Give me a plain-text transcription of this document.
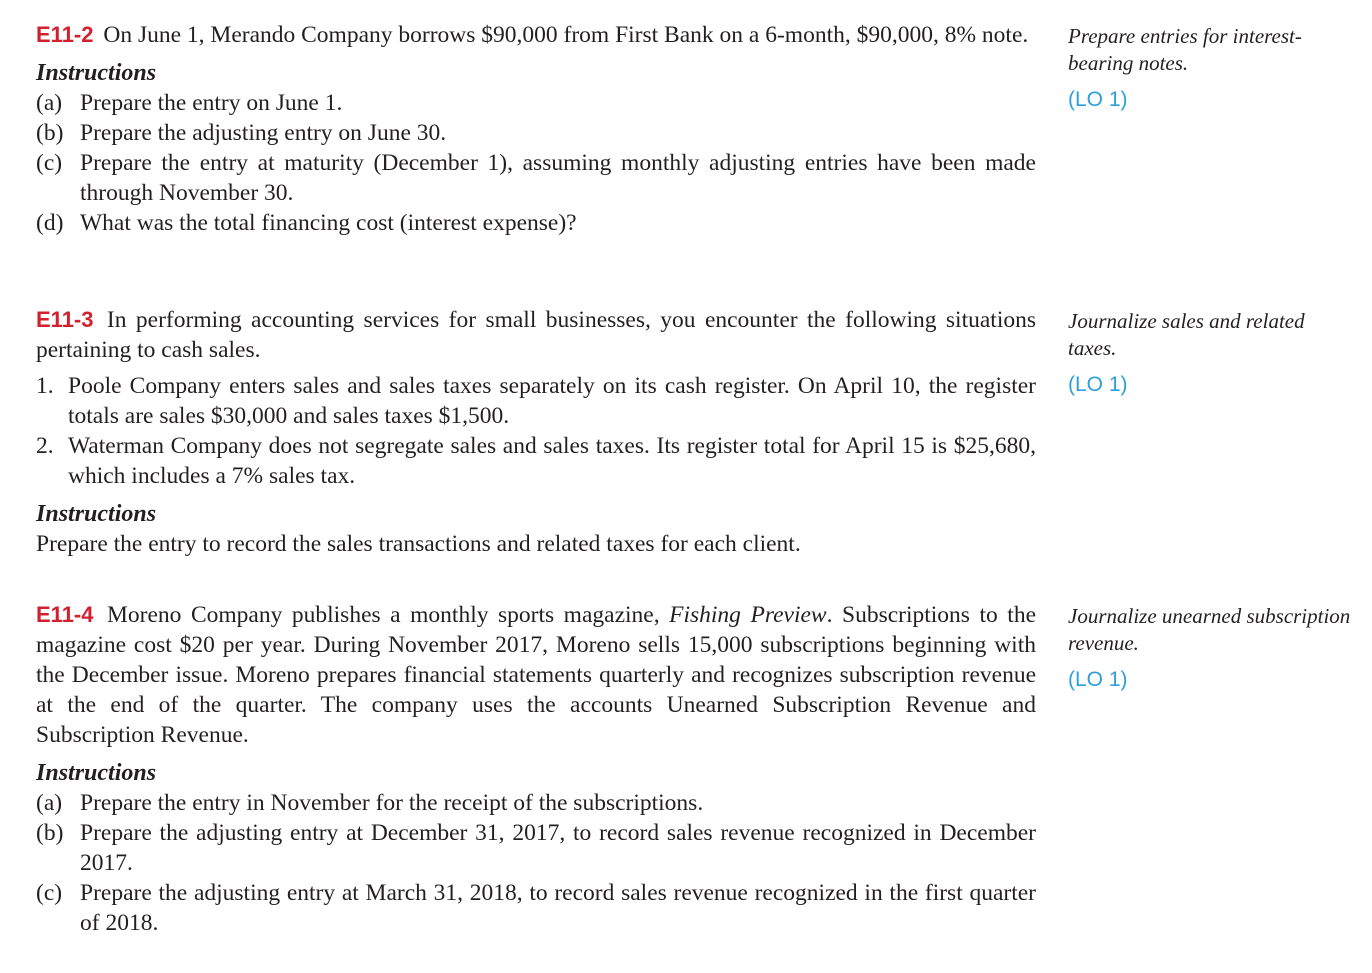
E11-2 On June 1, Merando Company borrows $90,000 from First Bank on a 6-month, $90,000, 8% note.

Instructions

(a) Prepare the entry on June 1.

(b) Prepare the adjusting entry on June 30.

(c) Prepare the entry at maturity (December 1), assuming monthly adjusting entries have been made through November 30.

(d) What was the total financing cost (interest expense)?

Prepare entries for interest-bearing notes.

(LO 1)

E11-3 In performing accounting services for small businesses, you encounter the following situations pertaining to cash sales.

1. Poole Company enters sales and sales taxes separately on its cash register. On April 10, the register totals are sales $30,000 and sales taxes $1,500.

2. Waterman Company does not segregate sales and sales taxes. Its register total for April 15 is $25,680, which includes a 7% sales tax.

Instructions

Prepare the entry to record the sales transactions and related taxes for each client.

Journalize sales and related taxes.

(LO 1)

E11-4 Moreno Company publishes a monthly sports magazine, Fishing Preview. Subscriptions to the magazine cost $20 per year. During November 2017, Moreno sells 15,000 subscriptions beginning with the December issue. Moreno prepares financial statements quarterly and recognizes subscription revenue at the end of the quarter. The company uses the accounts Unearned Subscription Revenue and Subscription Revenue.

Instructions

(a) Prepare the entry in November for the receipt of the subscriptions.

(b) Prepare the adjusting entry at December 31, 2017, to record sales revenue recognized in December 2017.

(c) Prepare the adjusting entry at March 31, 2018, to record sales revenue recognized in the first quarter of 2018.

Journalize unearned subscription revenue.

(LO 1)
